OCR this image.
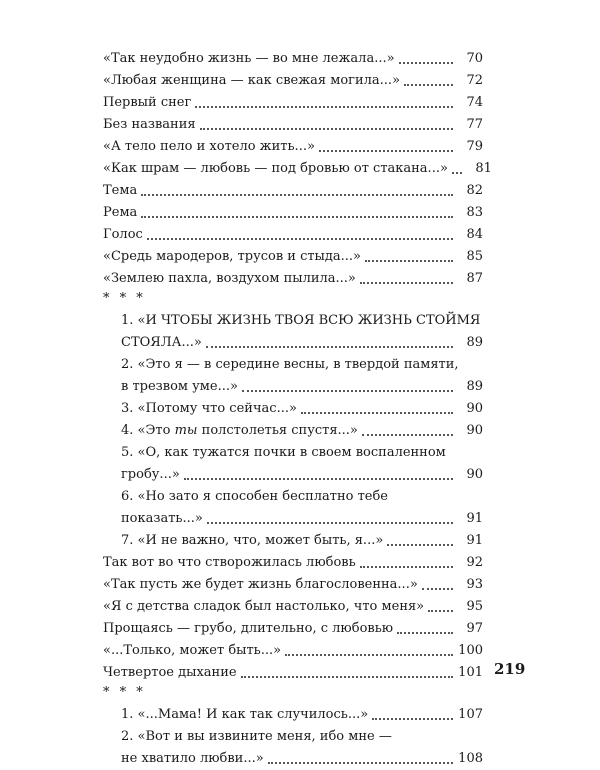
«Так неудобно жизнь — во мне лежала...»	70
«Любая женщина — как свежая могила...»	72
Первый снег	74
Без названия	77
«А тело пело и хотело жить...»	79
«Как шрам — любовь — под бровью от стакана...»	81
Тема	82
Рема	83
Голос	84
«Средь мародеров, трусов и стыда...»	85
«Землею пахла, воздухом пылила...»	87
* * *
1. «И ЧТОБЫ ЖИЗНЬ ТВОЯ ВСЮ ЖИЗНЬ СТОЙМЯ
СТОЯЛА...»	89
2. «Это я — в середине весны, в твердой памяти,
в трезвом уме...»	89
3. «Потому что сейчас...»	90
4. «Это ты полстолетья спустя...»	90
5. «О, как тужатся почки в своем воспаленном
гробу...»	90
6. «Но зато я способен бесплатно тебе
показать...»	91
7. «И не важно, что, может быть, я...»	91
Так вот во что створожилась любовь	92
«Так пусть же будет жизнь благословенна...»	93
«Я с детства сладок был настолько, что меня»	95
Прощаясь — грубо, длительно, с любовью	97
«...Только, может быть...»	100
Четвертое дыхание	101
* * *
1. «...Мама! И как так случилось...»	107
2. «Вот и вы извините меня, ибо мне —
не хватило любви...»	108
219
